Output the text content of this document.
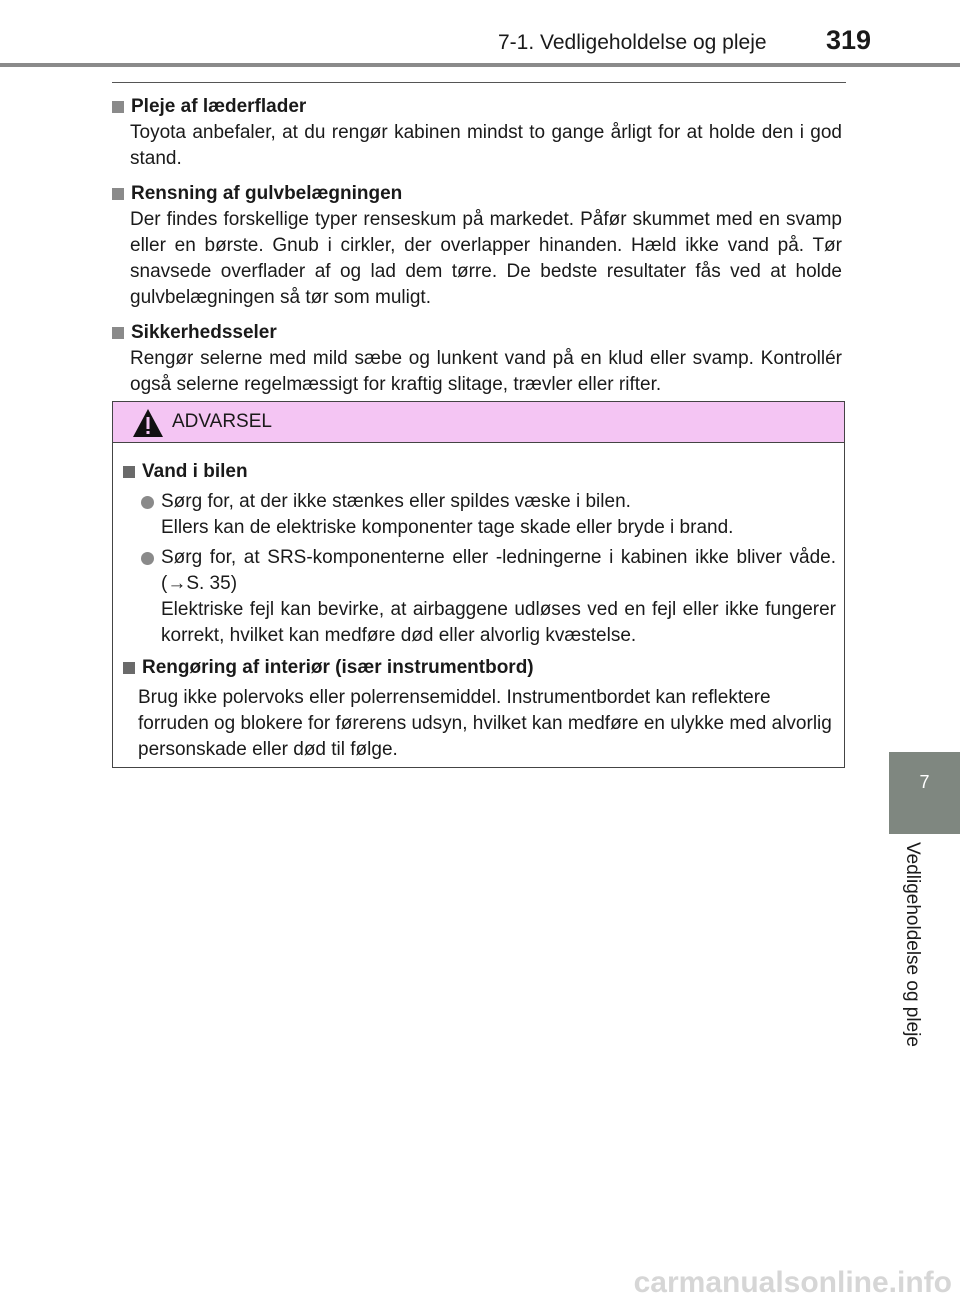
7-1. Vedligeholdelse og pleje 319
7
Vedligeholdelse og pleje
Pleje af læderflader
Toyota anbefaler, at du rengør kabinen mindst to gange årligt for at holde den i god stand.
Rensning af gulvbelægningen
Der findes forskellige typer renseskum på markedet. Påfør skummet med en svamp eller en børste. Gnub i cirkler, der overlapper hinanden. Hæld ikke vand på. Tør snavsede overflader af og lad dem tørre. De bedste resultater fås ved at holde gulvbelægningen så tør som muligt.
Sikkerhedsseler
Rengør selerne med mild sæbe og lunkent vand på en klud eller svamp. Kontrollér også selerne regelmæssigt for kraftig slitage, trævler eller rifter.
ADVARSEL
Vand i bilen
Sørg for, at der ikke stænkes eller spildes væske i bilen.
Ellers kan de elektriske komponenter tage skade eller bryde i brand.
Sørg for, at SRS-komponenterne eller -ledningerne i kabinen ikke bliver våde. (→S. 35)
Elektriske fejl kan bevirke, at airbaggene udløses ved en fejl eller ikke fungerer korrekt, hvilket kan medføre død eller alvorlig kvæstelse.
Rengøring af interiør (især instrumentbord)
Brug ikke polervoks eller polerrensemiddel. Instrumentbordet kan reflektere forruden og blokere for førerens udsyn, hvilket kan medføre en ulykke med alvorlig personskade eller død til følge.
carmanualsonline.info
